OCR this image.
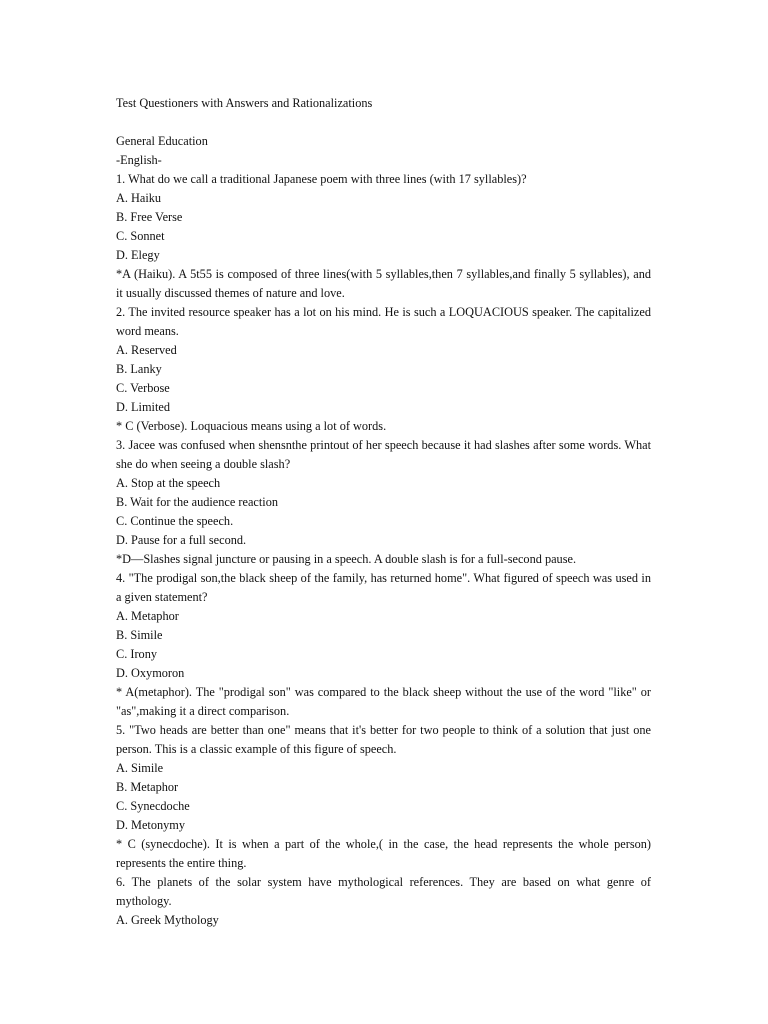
Test Questioners with Answers and Rationalizations
General Education
-English-
1. What do we call a traditional Japanese poem with three lines (with 17 syllables)?
A. Haiku
B. Free Verse
C. Sonnet
D. Elegy
*A (Haiku). A 5t55 is composed of three lines(with 5 syllables,then 7 syllables,and finally 5 syllables), and it usually discussed themes of nature and love.
2. The invited resource speaker has a lot on his mind. He is such a LOQUACIOUS speaker. The capitalized word means.
A. Reserved
B. Lanky
C. Verbose
D. Limited
* C (Verbose). Loquacious means using a lot of words.
3. Jacee was confused when shensnthe printout of her speech because it had slashes after some words. What she do when seeing a double slash?
A. Stop at the speech
B. Wait for the audience reaction
C. Continue the speech.
D. Pause for a full second.
*D—Slashes signal juncture or pausing in a speech. A double slash is for a full-second pause.
4. "The prodigal son,the black sheep of the family, has returned home". What figured of speech was used in a given statement?
A. Metaphor
B. Simile
C. Irony
D. Oxymoron
* A(metaphor). The "prodigal son" was compared to the black sheep without the use of the word "like" or "as",making it a direct comparison.
5. "Two heads are better than one" means that it's better for two people to think of a solution that just one person. This is a classic example of this figure of speech.
A. Simile
B. Metaphor
C. Synecdoche
D. Metonymy
* C (synecdoche). It is when a part of the whole,( in the case, the head represents the whole person) represents the entire thing.
6. The planets of the solar system have mythological references. They are based on what genre of mythology.
A. Greek Mythology
